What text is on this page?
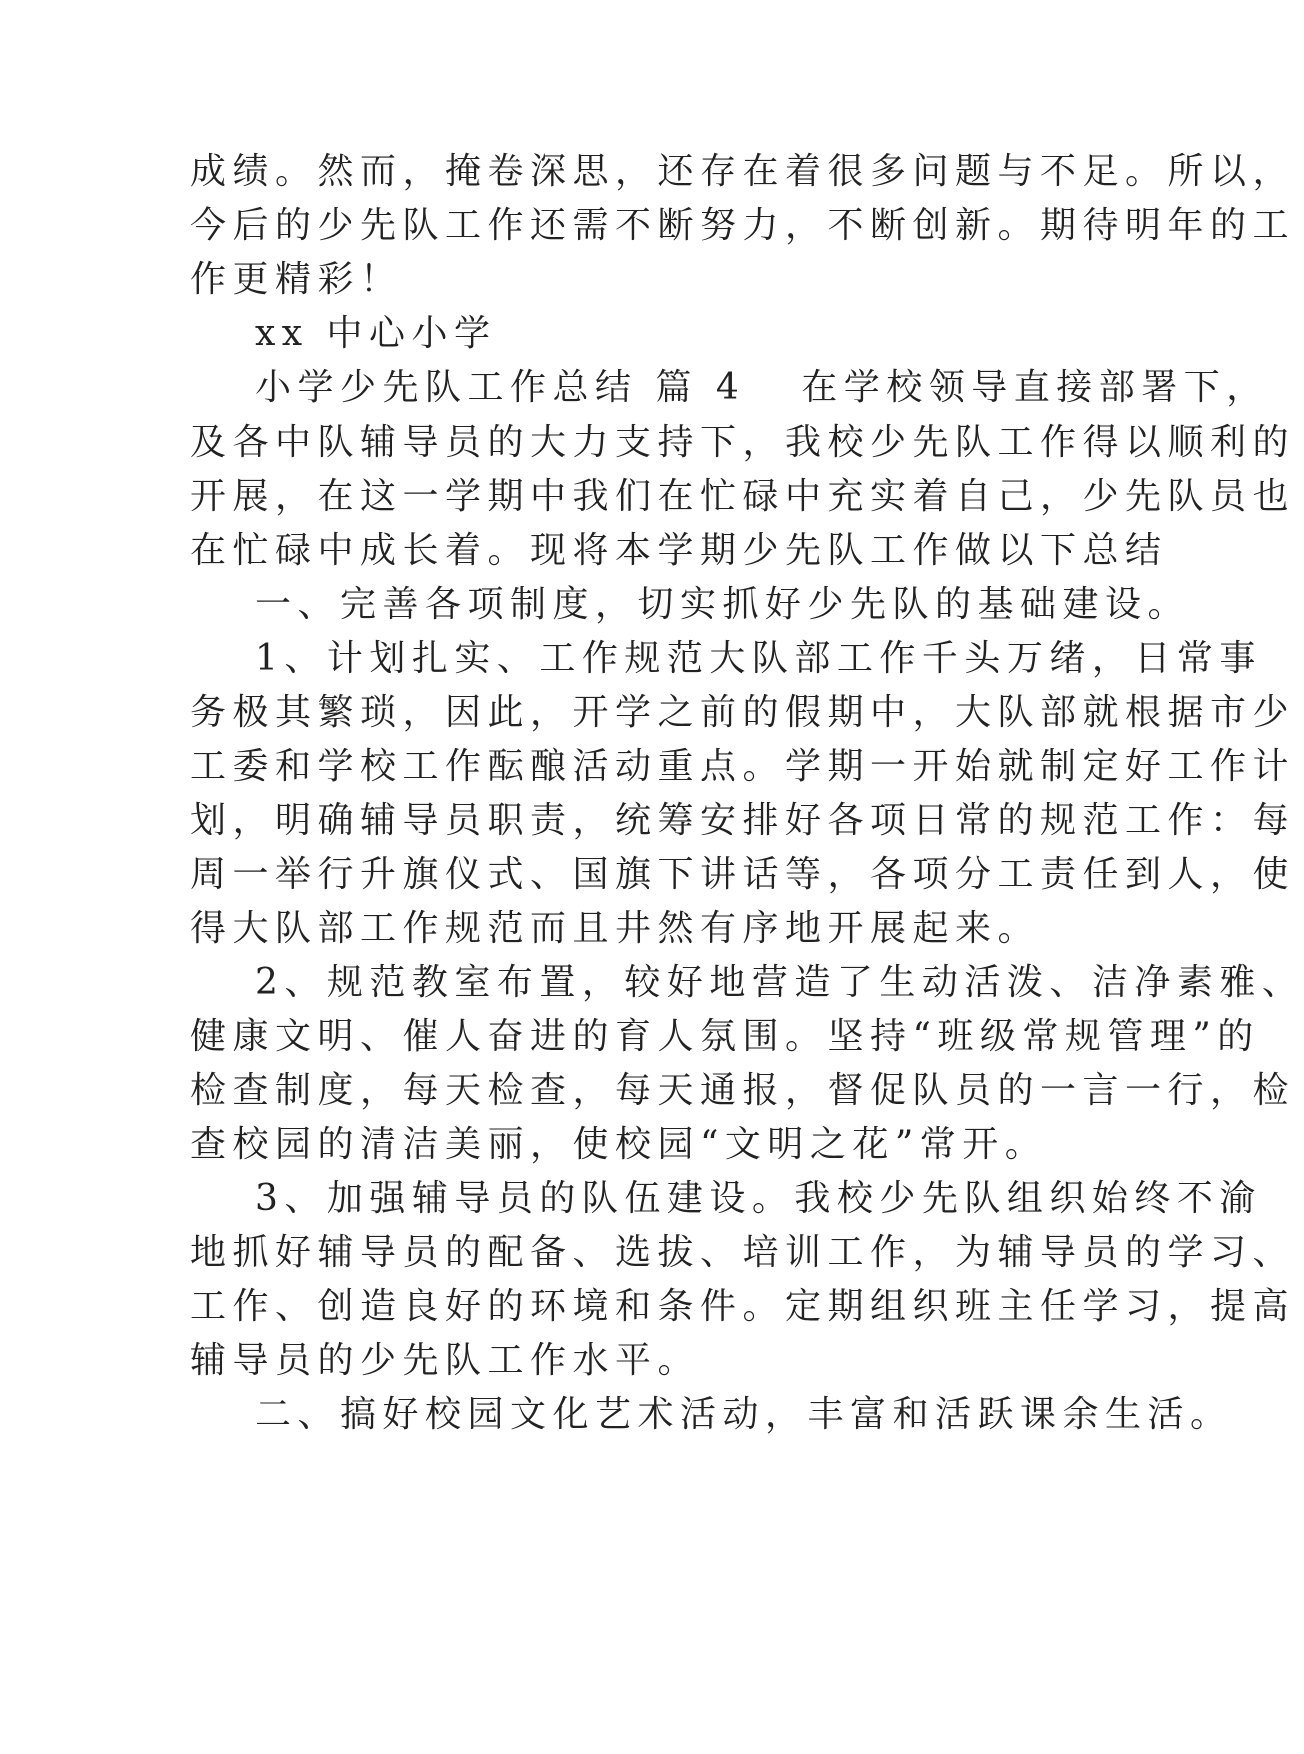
成绩。然而，掩卷深思，还存在着很多问题与不足。所以，
今后的少先队工作还需不断努力，不断创新。期待明年的工
作更精彩！
xx 中心小学
小学少先队工作总结 篇 4 在学校领导直接部署下，
及各中队辅导员的大力支持下，我校少先队工作得以顺利的
开展，在这一学期中我们在忙碌中充实着自己，少先队员也
在忙碌中成长着。现将本学期少先队工作做以下总结
一、完善各项制度，切实抓好少先队的基础建设。
1、计划扎实、工作规范大队部工作千头万绪，日常事
务极其繁琐，因此，开学之前的假期中，大队部就根据市少
工委和学校工作酝酿活动重点。学期一开始就制定好工作计
划，明确辅导员职责，统筹安排好各项日常的规范工作：每
周一举行升旗仪式、国旗下讲话等，各项分工责任到人，使
得大队部工作规范而且井然有序地开展起来。
2、规范教室布置，较好地营造了生动活泼、洁净素雅、
健康文明、催人奋进的育人氛围。坚持“班级常规管理”的
检查制度，每天检查，每天通报，督促队员的一言一行，检
查校园的清洁美丽，使校园“文明之花”常开。
3、加强辅导员的队伍建设。我校少先队组织始终不渝
地抓好辅导员的配备、选拔、培训工作，为辅导员的学习、
工作、创造良好的环境和条件。定期组织班主任学习，提高
辅导员的少先队工作水平。
二、搞好校园文化艺术活动，丰富和活跃课余生活。
